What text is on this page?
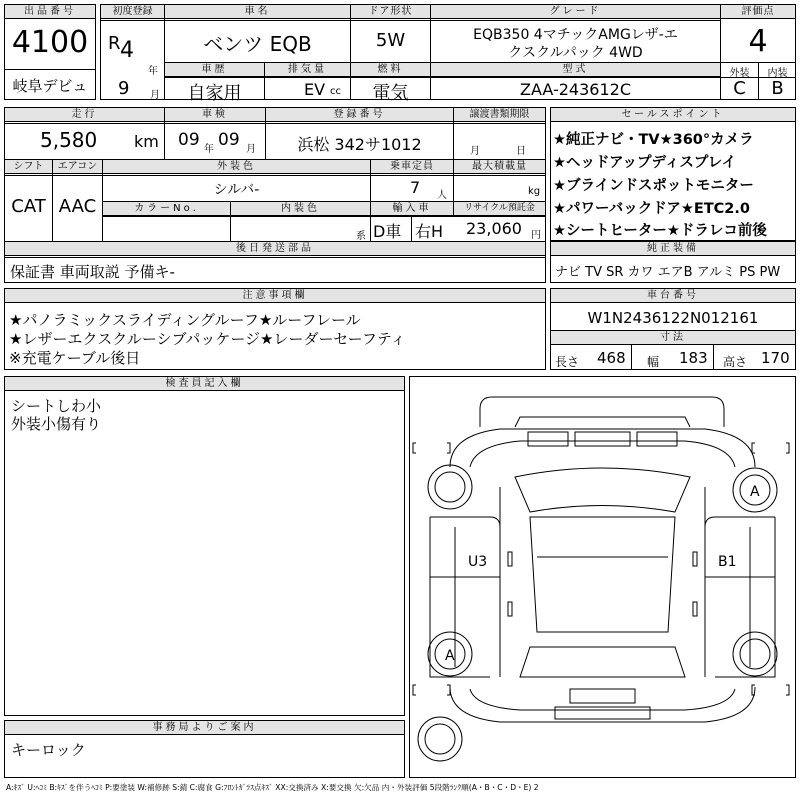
出品番号
4100
岐阜デビュ
初度登録
R 4
年
9 月
車名
ベンツ EQB
ドア形状
5W
グレード
EQB350 4マチックAMGレザ-エ
クスクルパック 4WD
評価点
4
外装	内装
C	B
車歴
自家用
排気量
EV cc
燃料
電気
型式
ZAA-243612C
走行
5,580 km
車検
09 年 09 月
登録番号
浜松 342サ1012
譲渡書類期限
月	日
シフト
CAT
エアコン
AAC
外装色
シルバ-
乗車定員
7 人
最大積載量
kg
カラーNo.	内装色
系
輸入車
D車 右H
リサイクル預託金
23,060 円
後日発送部品
保証書 車両取説 予備キ-
セールスポイント
★純正ナビ・TV★360°カメラ
★ヘッドアップディスプレイ
★ブラインドスポットモニター
★パワーバックドア★ETC2.0
★シートヒーター★ドラレコ前後
純正装備
ナビ TV SR カワ エアB アルミ PS PW
注意事項欄
★パノラミックスライディングルーフ★ルーフレール
★レザーエクスクルーシブパッケージ★レーダーセーフティ
※充電ケーブル後日
車台番号
W1N2436122N012161
寸法
長さ 468 幅 183 高さ 170
検査員記入欄
シートしわ小
外装小傷有り
事務局よりご案内
キーロック
A
A
U3	B1
A:ｷｽﾞ U:ﾍｺﾐ B:ｷｽﾞを伴うﾍｺﾐ P:要塗装 W:補修跡 S:錆 C:腐食 G:ﾌﾛﾝﾄｶﾞﾗｽ点ｷｽﾞ XX:交換済み X:要交換 欠:欠品 内・外装評価 5段階ﾗﾝｸ順(A・B・C・D・E) 2
